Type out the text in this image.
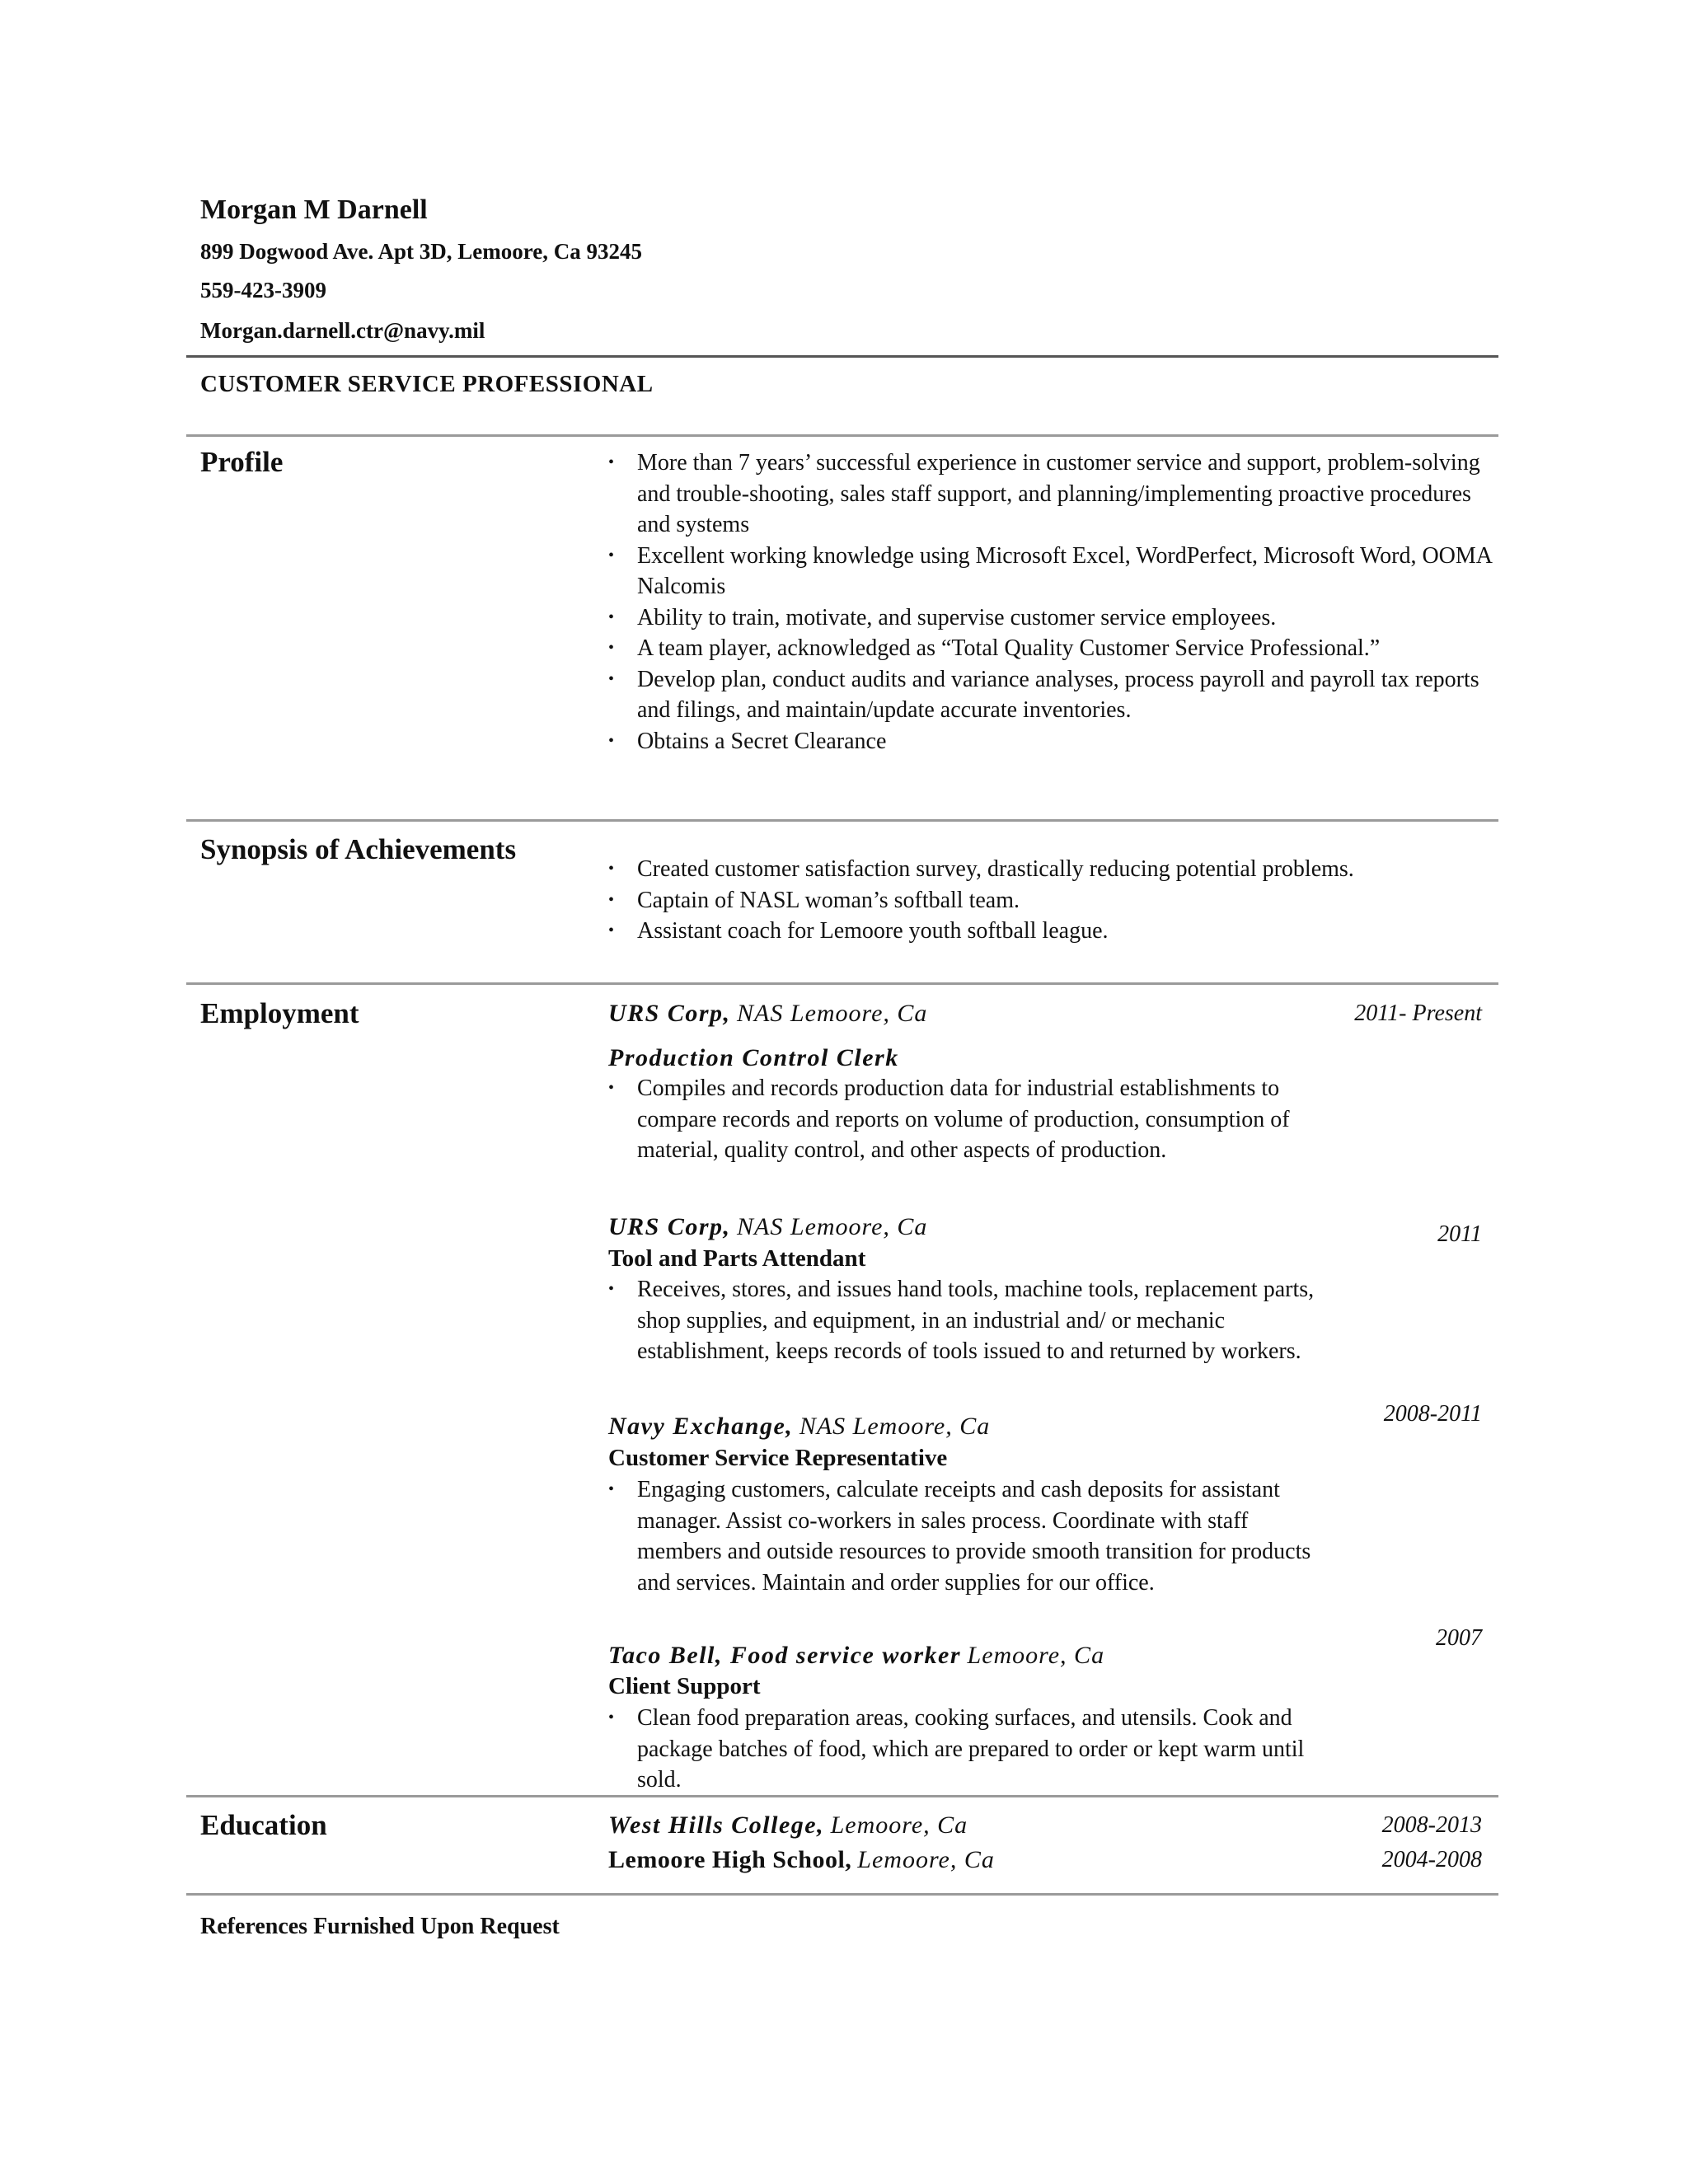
Morgan M Darnell
899 Dogwood Ave. Apt 3D, Lemoore, Ca 93245
559-423-3909
Morgan.darnell.ctr@navy.mil
CUSTOMER SERVICE PROFESSIONAL
Profile
•	More than 7 years’ successful experience in customer service and support, problem-solving and trouble-shooting, sales staff support, and planning/implementing proactive procedures and systems
• Excellent working knowledge using Microsoft Excel, WordPerfect, Microsoft Word, OOMA Nalcomis
• Ability to train, motivate, and supervise customer service employees.
• A team player, acknowledged as “Total Quality Customer Service Professional.”
• Develop plan, conduct audits and variance analyses, process payroll and payroll tax reports and filings, and maintain/update accurate inventories.
• Obtains a Secret Clearance
Synopsis of Achievements
• Created customer satisfaction survey, drastically reducing potential problems.
• Captain of NASL woman’s softball team.
• Assistant coach for Lemoore youth softball league.
Employment	URS Corp, NAS Lemoore, Ca	2011- Present
Production Control Clerk
• Compiles and records production data for industrial establishments to compare records and reports on volume of production, consumption of material, quality control, and other aspects of production.
URS Corp, NAS Lemoore, Ca	2011
Tool and Parts Attendant
• Receives, stores, and issues hand tools, machine tools, replacement parts, shop supplies, and equipment, in an industrial and/ or mechanic establishment, keeps records of tools issued to and returned by workers.
Navy Exchange, NAS Lemoore, Ca	2008-2011
Customer Service Representative
• Engaging customers, calculate receipts and cash deposits for assistant manager. Assist co-workers in sales process. Coordinate with staff members and outside resources to provide smooth transition for products and services. Maintain and order supplies for our office.
Taco Bell, Food service worker Lemoore, Ca
2007
Client Support
• Clean food preparation areas, cooking surfaces, and utensils. Cook and package batches of food, which are prepared to order or kept warm until sold.
Education	West Hills College, Lemoore, Ca	2008-2013
Lemoore High School, Lemoore, Ca	2004-2008
References Furnished Upon Request
